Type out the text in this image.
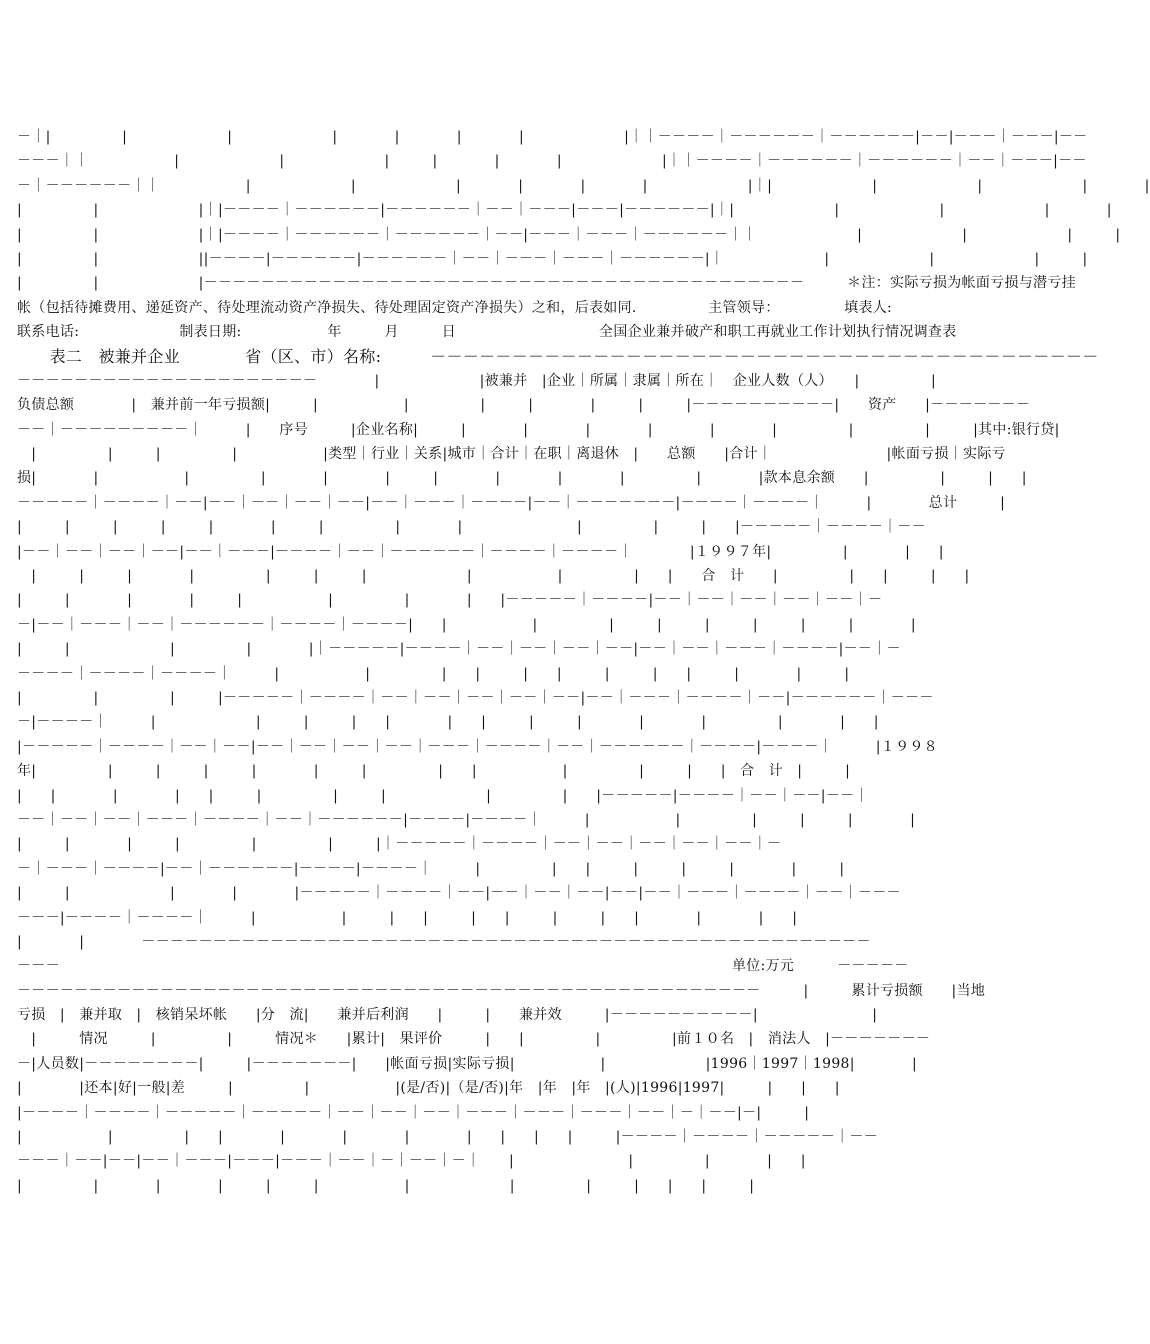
－｜|　　　　　|　　　　　　　|　　　　　　　|　　　　|　　　　|　　　　|　　　　　　　|｜｜－－－－｜－－－－－－｜－－－－－－|－－|－－－｜－－－|－－
－－－｜｜　　　　　　|　　　　　　　|　　　　　　　|　　　|　　　　|　　　　|　　　　　　　|｜｜－－－－｜－－－－－－｜－－－－－－｜－－｜－－－|－－
－｜－－－－－－｜｜　　　　　　|　　　　　　　|　　　　　　　|　　　　|　　　　|　　　　|　　　　　　　|｜|　　　　　　　|　　　　　　　|　　　　　　　|　　　　|
|　　　　　|　　　　　　　|｜|－－－－｜－－－－－－|－－－－－－｜－－｜－－－|－－－|－－－－－－|｜|　　　　　　　|　　　　　　　|　　　　　　　|　　　　|
|　　　　　|　　　　　　　|｜|－－－－｜－－－－－－｜－－－－－－｜－－|－－－｜－－－｜－－－－－－｜｜　　　　　　　|　　　　　　　|　　　　　　　|　　　|
|　　　　　|　　　　　　　||－－－－|－－－－－－|－－－－－－｜－－｜－－－｜－－－｜－－－－－－|｜　　　　　　　|　　　　　　　|　　　　　　　|　　　|
|　　　　　|　　　　　　　|－－－－－－－－－－－－－－－－－－－－－－－－－－－－－－－－－－－－－－－－－－　　　＊注：实际亏损为帐面亏损与潜亏挂
帐（包括待摊费用、递延资产、待处理流动资产净损失、待处理固定资产净损失）之和，后表如同.　　　　　主管领导：　　　　　填表人:
联系电话:　　　　　　　制表日期:　　　　　　年　　　月　　　日　　　　　　　　　　全国企业兼并破产和职工再就业工作计划执行情况调查表
　　表二　被兼并企业　　　　省（区、市）名称:　　　－－－－－－－－－－－－－－－－－－－－－－－－－－－－－－－－－－－－－－－－－
－－－－－－－－－－－－－－－－－－－－－　　　　|　　　　　　　|被兼并　|企业｜所属｜隶属｜所在｜　企业人数（人）　　|　　　　　|
负债总额　　　　|　兼并前一年亏损额|　　　|　　　　　　|　　　　　|　　　|　　　　|　　　|　　　|－－－－－－－－－－|　　资产　　|－－－－－－－
－－｜－－－－－－－－－｜　　　|　　序号　　　|企业名称|　　　|　　　　|　　　　|　　　　|　　　　|　　　　|　　　　　|　　　　　|　　　|其中:银行贷|
　|　　　　　|　　　|　　　　　|　　　　　　|类型｜行业｜关系|城市｜合计｜在职｜离退休　|　　总额　　|合计｜　　　　　　　　|帐面亏损｜实际亏
损|　　　　|　　　　　　|　　　　　|　　　　|　　　　|　　　|　　　　|　　　　|　　　　|　　　　　|　　　　|款本息余额　　|　　　　　|　　　|　　|
－－－－－｜－－－－｜－－|－－｜－－｜－－｜－－|－－｜－－－｜－－－－|－－｜－－－－－－－|－－－－｜－－－－｜　　　|　　　　总计　　　|
|　　　|　　　|　　　|　　　|　　　　|　　　|　　　　　|　　　　|　　　　　　　　|　　　　　|　　　|　　|－－－－－｜－－－－｜－－
|－－｜－－｜－－｜－－|－－｜－－－|－－－－｜－－｜－－－－－－｜－－－－｜－－－－｜　　　　|１９９７年|　　　　　|　　　　|　　|
　|　　　|　　　|　　　　|　　　　　|　　　|　　　|　　　　　　　|　　　　　　|　　　　　|　　|　　合　计　　|　　　　　|　　|　　　|　　|
|　　　|　　　　|　　　　|　　　|　　　　　　|　　　　　|　　　　|　　|－－－－－｜－－－－|－－｜－－｜－－｜－－｜－－｜－
－|－－｜－－－｜－－｜－－－－－－｜－－－－｜－－－－|　　|　　　　　　|　　　　　|　　　|　　　|　　　|　　　|　　　|　　　　|
|　　　|　　　　　　　|　　　　　|　　　　|｜－－－－－|－－－－｜－－｜－－｜－－｜－－|－－｜－－｜－－－｜－－－－|－－｜－
－－－－｜－－－－｜－－－－｜　　　|　　　　　　|　　　　　|　　|　　　|　　|　　　|　　　|　　|　　　|　　　　|　　　|
|　　　　　|　　　　　|　　　|－－－－－｜－－－－｜－－｜－－｜－－｜－－｜－－|－－｜－－－｜－－－－｜－－|－－－－－－｜－－－
－|－－－－｜　　　|　　　　　　　|　　　|　　　|　　|　　　　|　　|　　　|　　　|　　　　|　　　　|　　　　　|　　　　|　　|
|－－－－－｜－－－－｜－－｜－－|－－｜－－｜－－｜－－｜－－－｜－－－－｜－－｜－－－－－－｜－－－－|－－－－｜　　　|１９９８
年|　　　　　|　　　|　　　|　　　|　　　　|　　　|　　　　　|　　|　　　　　　|　　　　　|　　　|　　|　合　计　|　　　|
|　　|　　　　|　　　　|　　|　　　|　　　　　|　　　|　　　　　　　|　　　　　|　　|－－－－－|－－－－｜－－｜－－|－－｜
－－｜－－｜－－｜－－－｜－－－－｜－－｜－－－－－－|－－－－|－－－－｜　　　|　　　　　　|　　　　　|　　　|　　　|　　　　|
|　　　|　　　　|　　　|　　　　　|　　　　　|　　　|｜－－－－－｜－－－－｜－－｜－－｜－－｜－－｜－－｜－
－｜－－－｜－－－－|－－｜－－－－－－|－－－－|－－－－｜　　　|　　　　　|　　|　　　|　　　|　　　|　　　　|　　　|
|　　　|　　　　　　　|　　　　|　　　　|－－－－－｜－－－－｜－－|－－｜－－｜－－|－－|－－｜－－－｜－－－－｜－－｜－－－
－－－|－－－－｜－－－－｜　　　|　　　　　　|　　　|　　|　　　|　　|　　　|　　　|　　|　　　　|　　　　|　　|
|　　　　|　　　　－－－－－－－－－－－－－－－－－－－－－－－－－－－－－－－－－－－－－－－－－－－－－－－－－－－
－－－　　　　　　　　　　　　　　　　　　　　　　　　　　　　　　　　　　　　　　　　　　　　　　　单位:万元　　　－－－－－
－－－－－－－－－－－－－－－－－－－－－－－－－－－－－－－－－－－－－－－－－－－－－－－－－－－－　　　|　　　累计亏损额　　|当地
亏损　|　兼并取　|　核销呆坏帐　　|分　流|　　兼并后利润　　|　　　|　　兼并效　　　|－－－－－－－－－－|　　　　　　　　|
　|　　　情况　　　|　　　　　|　　　情况＊　　|累计|　果评价　　　|　　|　　　　　|　　　　　|前１０名　|　消法人　|－－－－－－－
－|人员数|－－－－－－－－|　　　|－－－－－－－|　　|帐面亏损|实际亏损|　　　　　　|　　　　　　　|1996｜1997｜1998|　　　　|
|　　　　|还本|好|一般|差　　　|　　　　　|　　　　　　|(是/否)|（是/否)|年　|年　|年　|(人)|1996|1997|　　　|　　|　　|
|－－－－｜－－－－｜－－－－－｜－－－－－｜－－｜－－｜－－｜－－－｜－－－｜－－－｜－－｜－｜－－|－|　　　|
|　　　　　　|　　　　　|　　|　　　　|　　　　|　　　　|　　　　|　　|　　|　　|　　　|－－－－｜－－－－｜－－－－－｜－－
－－－｜－－|－－|－－｜－－－|－－－|－－－｜－－｜－｜－－｜－｜　　|　　　　　　　　|　　　　　|　　　　|　　|
|　　　　　|　　　　|　　　　|　　　|　　　|　　　　　　|　　　　　　　|　　　　　|　　　|　　|　　|　　　|
